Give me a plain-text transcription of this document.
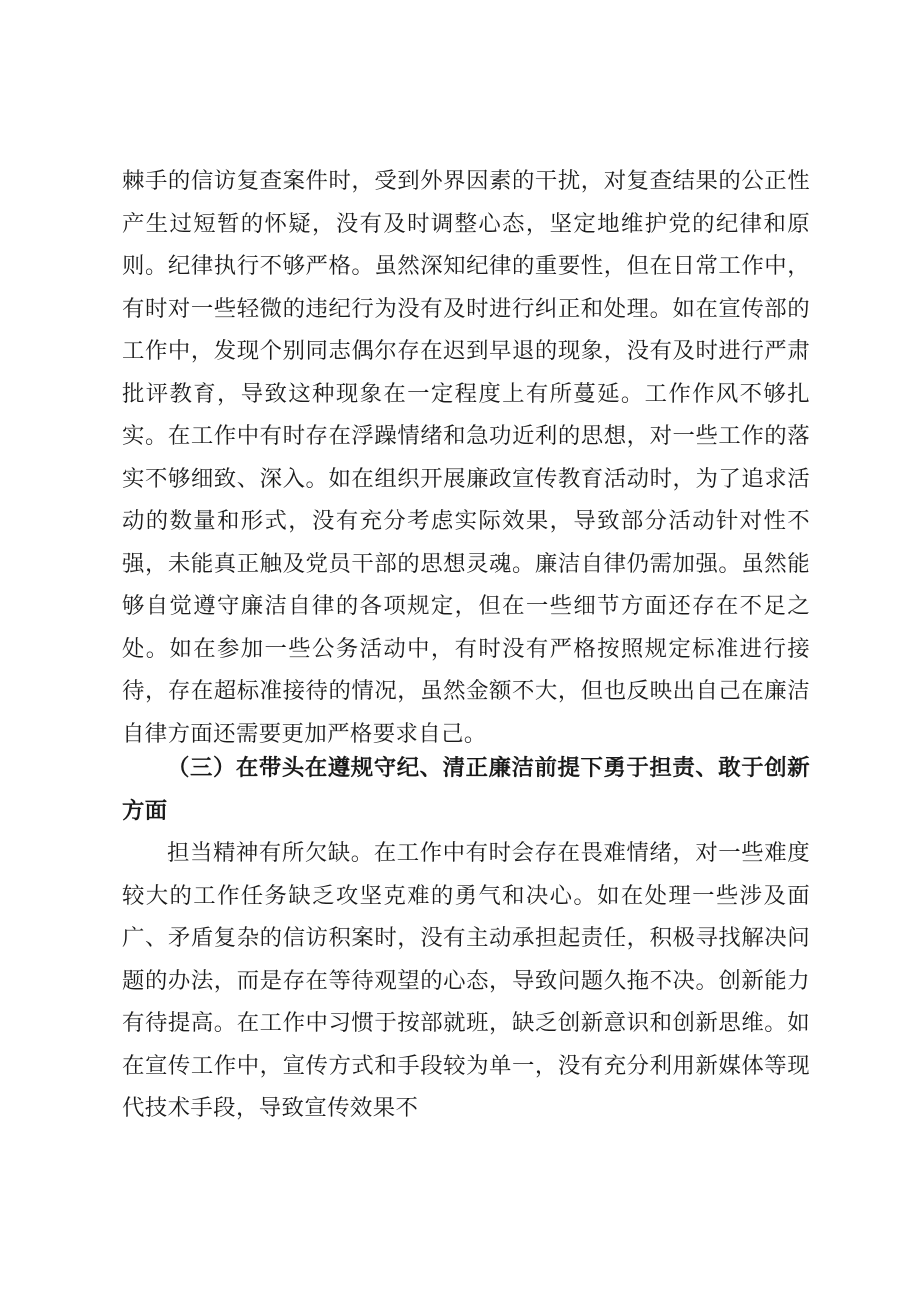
棘手的信访复查案件时，受到外界因素的干扰，对复查结果的公正性产生过短暂的怀疑，没有及时调整心态，坚定地维护党的纪律和原则。纪律执行不够严格。虽然深知纪律的重要性，但在日常工作中，有时对一些轻微的违纪行为没有及时进行纠正和处理。如在宣传部的工作中，发现个别同志偶尔存在迟到早退的现象，没有及时进行严肃批评教育，导致这种现象在一定程度上有所蔓延。工作作风不够扎实。在工作中有时存在浮躁情绪和急功近利的思想，对一些工作的落实不够细致、深入。如在组织开展廉政宣传教育活动时，为了追求活动的数量和形式，没有充分考虑实际效果，导致部分活动针对性不强，未能真正触及党员干部的思想灵魂。廉洁自律仍需加强。虽然能够自觉遵守廉洁自律的各项规定，但在一些细节方面还存在不足之处。如在参加一些公务活动中，有时没有严格按照规定标准进行接待，存在超标准接待的情况，虽然金额不大，但也反映出自己在廉洁自律方面还需要更加严格要求自己。

（三）在带头在遵规守纪、清正廉洁前提下勇于担责、敢于创新方面

担当精神有所欠缺。在工作中有时会存在畏难情绪，对一些难度较大的工作任务缺乏攻坚克难的勇气和决心。如在处理一些涉及面广、矛盾复杂的信访积案时，没有主动承担起责任，积极寻找解决问题的办法，而是存在等待观望的心态，导致问题久拖不决。创新能力有待提高。在工作中习惯于按部就班，缺乏创新意识和创新思维。如在宣传工作中，宣传方式和手段较为单一，没有充分利用新媒体等现代技术手段，导致宣传效果不
